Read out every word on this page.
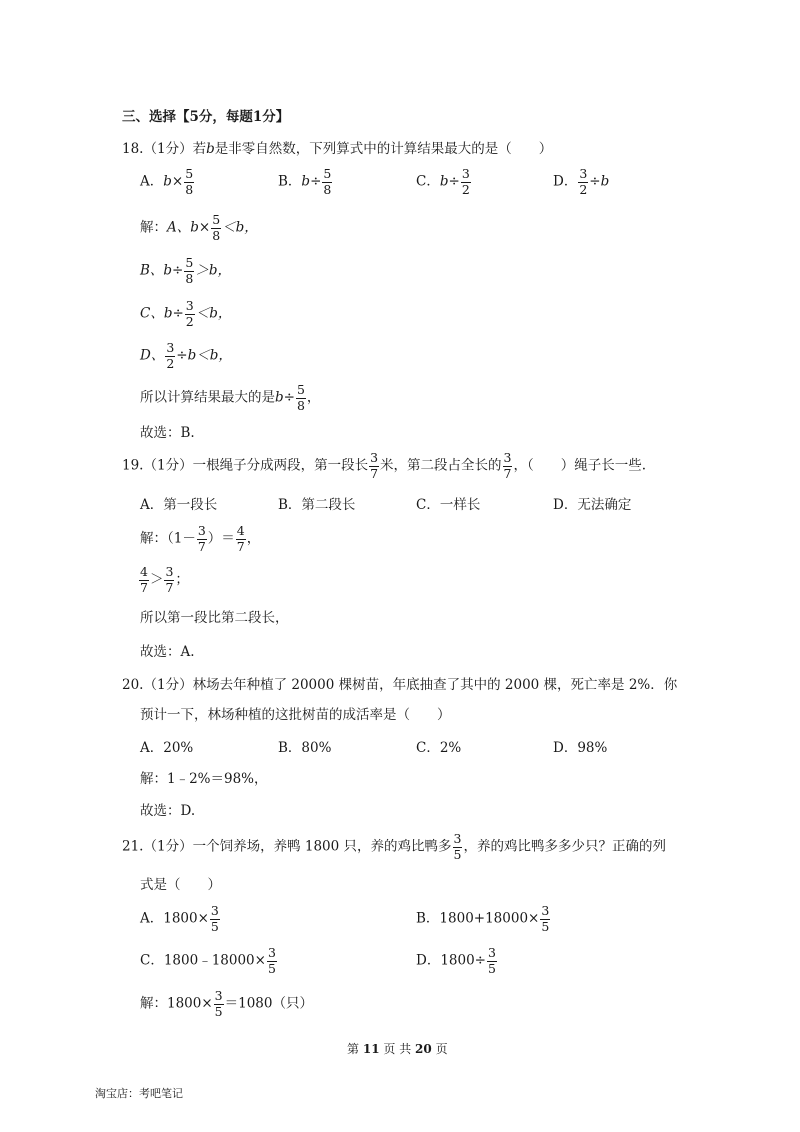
三、选择【5分，每题1分】
18.（1分）若b是非零自然数，下列算式中的计算结果最大的是（　　）
A．$b\times \frac{5}{8}$	B．$b\div \frac{5}{8}$	C．$b\div \frac{3}{2}$	D． $\frac{3}{2} \div b$
解：A、$b\times \frac{5}{8} <b$，
B、$b\div \frac{5}{8} >b$，
C、$b\div \frac{3}{2} <b$，
D、 $\frac{3}{2} \div b<b$，
所以计算结果最大的是$b\div \frac{5}{8}$ ，
故选：B.
19.（1分）一根绳子分成两段，第一段长 $\frac{3}{7}$ 米，第二段占全长的 $\frac{3}{7}$ ，（　　）绳子长一些.
A．第一段长	B．第二段长	C．一样长	D．无法确定
解：（$1- \frac{3}{7}$ ）＝ $\frac{4}{7}$ ，
$\frac{4}{7} > \frac{3}{7}$ ；
所以第一段比第二段长，
故选：A.
20.（1分）林场去年种植了 20000 棵树苗，年底抽查了其中的 2000 棵，死亡率是 2%．你
预计一下，林场种植的这批树苗的成活率是（　　）
A．20%	B．80%	C．2%	D．98%
解：1﹣2%＝98%，
故选：D.
21.（1分）一个饲养场，养鸭 1800 只，养的鸡比鸭多 $\frac{3}{5}$ ，养的鸡比鸭多多少只？正确的列
式是（　　）
A．$1800\times \frac{3}{5}$	B．$1800+18000\times \frac{3}{5}$
C．1800﹣18000× $\frac{3}{5}$	D．$1800\div \frac{3}{5}$
解：$1800\times \frac{3}{5} =1080$（只）
第 11 页 共 20 页
淘宝店：考吧笔记
